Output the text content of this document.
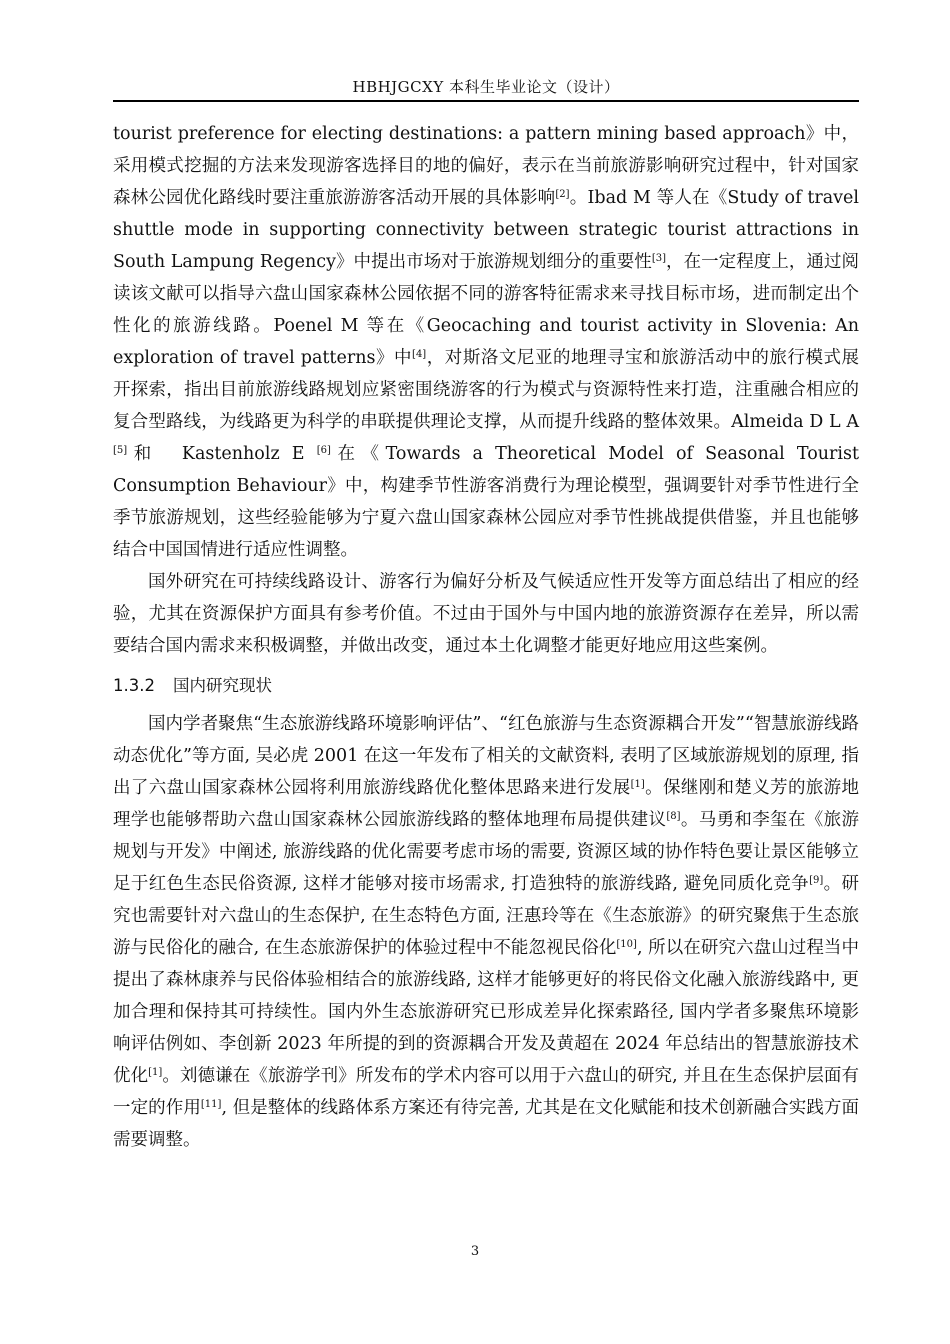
HBHJGCXY 本科生毕业论文（设计）

tourist preference for electing destinations: a pattern mining based approach》中，采用模式挖掘的方法来发现游客选择目的地的偏好，表示在当前旅游影响研究过程中，针对国家森林公园优化路线时要注重旅游游客活动开展的具体影响[2]。Ibad M 等人在《Study of travel shuttle mode in supporting connectivity between strategic tourist attractions in South Lampung Regency》中提出市场对于旅游规划细分的重要性[3]，在一定程度上，通过阅读该文献可以指导六盘山国家森林公园依据不同的游客特征需求来寻找目标市场，进而制定出个性化的旅游线路。Poenel M 等在《Geocaching and tourist activity in Slovenia: An exploration of travel patterns》中[4]，对斯洛文尼亚的地理寻宝和旅游活动中的旅行模式展开探索，指出目前旅游线路规划应紧密围绕游客的行为模式与资源特性来打造，注重融合相应的复合型路线，为线路更为科学的串联提供理论支撑，从而提升线路的整体效果。Almeida D L A [5]和　Kastenholz E [6]在《Towards a Theoretical Model of Seasonal Tourist Consumption Behaviour》中，构建季节性游客消费行为理论模型，强调要针对季节性进行全季节旅游规划，这些经验能够为宁夏六盘山国家森林公园应对季节性挑战提供借鉴，并且也能够结合中国国情进行适应性调整。

国外研究在可持续线路设计、游客行为偏好分析及气候适应性开发等方面总结出了相应的经验，尤其在资源保护方面具有参考价值。不过由于国外与中国内地的旅游资源存在差异，所以需要结合国内需求来积极调整，并做出改变，通过本土化调整才能更好地应用这些案例。

1.3.2 国内研究现状

国内学者聚焦“生态旅游线路环境影响评估”、“红色旅游与生态资源耦合开发”“智慧旅游线路动态优化”等方面, 吴必虎 2001 在这一年发布了相关的文献资料, 表明了区域旅游规划的原理, 指出了六盘山国家森林公园将利用旅游线路优化整体思路来进行发展[1]。保继刚和楚义芳的旅游地理学也能够帮助六盘山国家森林公园旅游线路的整体地理布局提供建议[8]。马勇和李玺在《旅游规划与开发》中阐述, 旅游线路的优化需要考虑市场的需要, 资源区域的协作特色要让景区能够立足于红色生态民俗资源, 这样才能够对接市场需求, 打造独特的旅游线路, 避免同质化竞争[9]。研究也需要针对六盘山的生态保护, 在生态特色方面, 汪惠玲等在《生态旅游》的研究聚焦于生态旅游与民俗化的融合, 在生态旅游保护的体验过程中不能忽视民俗化[10], 所以在研究六盘山过程当中提出了森林康养与民俗体验相结合的旅游线路, 这样才能够更好的将民俗文化融入旅游线路中, 更加合理和保持其可持续性。国内外生态旅游研究已形成差异化探索路径, 国内学者多聚焦环境影响评估例如、李创新 2023 年所提的到的资源耦合开发及黄超在 2024 年总结出的智慧旅游技术优化[1]。刘德谦在《旅游学刊》所发布的学术内容可以用于六盘山的研究, 并且在生态保护层面有一定的作用[11], 但是整体的线路体系方案还有待完善, 尤其是在文化赋能和技术创新融合实践方面需要调整。

3
